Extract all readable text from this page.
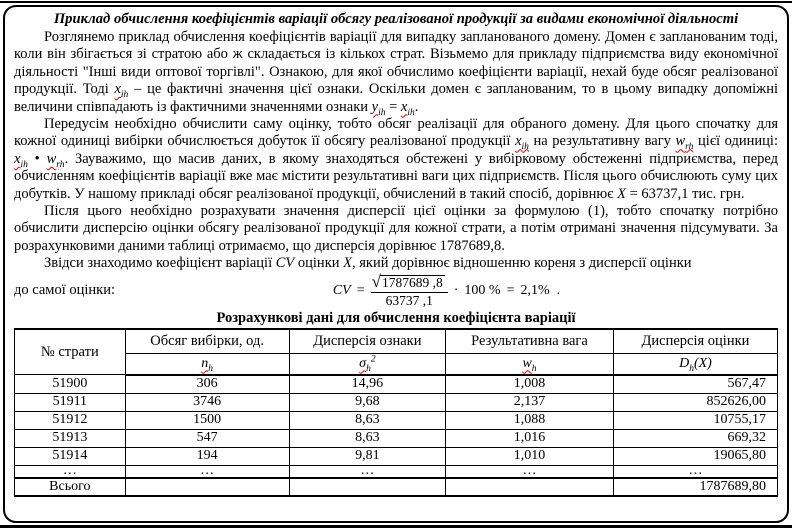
Приклад обчислення коефіцієнтів варіації обсягу реалізованої продукції за видами економічної діяльності

Розглянемо приклад обчислення коефіцієнтів варіації для випадку запланованого домену. Домен є запланованим тоді, коли він збігається зі стратою або ж складається із кількох страт. Візьмемо для прикладу підприємства виду економічної діяльності "Інші види оптової торгівлі". Ознакою, для якої обчислимо коефіцієнти варіації, нехай буде обсяг реалізованої продукції. Тоді $x_{ih}$ – це фактичні значення цієї ознаки. Оскільки домен є запланованим, то в цьому випадку допоміжні величини співпадають із фактичними значеннями ознаки $y_{ih} = x_{ih}$.

Передусім необхідно обчислити саму оцінку, тобто обсяг реалізації для обраного домену. Для цього спочатку для кожної одиниці вибірки обчислюється добуток її обсягу реалізованої продукції $x_{ih}$ на результативну вагу $w_{rh}$ цієї одиниці: $x_{ih}$ • $w_{rh}$. Зауважимо, що масив даних, в якому знаходяться обстежені у вибірковому обстеженні підприємства, перед обчисленням коефіцієнтів варіації вже має містити результативні ваги цих підприємств. Після цього обчислюють суму цих добутків. У нашому прикладі обсяг реалізованої продукції, обчислений в такий спосіб, дорівнює X = 63737,1 тис. грн.

Після цього необхідно розрахувати значення дисперсії цієї оцінки за формулою (1), тобто спочатку потрібно обчислити дисперсію оцінки обсягу реалізованої продукції для кожної страти, а потім отримані значення підсумувати. За розрахунковими даними таблиці отримаємо, що дисперсія дорівнює 1787689,8.

Звідси знаходимо коефіцієнт варіації CV оцінки X, який дорівнює відношенню кореня з дисперсії оцінки

до самої оцінки:	CV = $\frac{√ 1787689 ,8}{63737 ,1} \cdot 100$ % = 2,1% .
Розрахункові дані для обчислення коефіцієнта варіації
№ страти	Обсяг вибірки, од.	Дисперсія ознаки	Результативна вага	Дисперсія оцінки
	$n_h$	$\sigma_h^2$	$w_h$	$D_h(X)$
51900	306	14,96	1,008	567,47
51911	3746	9,68	2,137	852626,00
51912	1500	8,63	1,088	10755,17
51913	547	8,63	1,016	669,32
51914	194	9,81	1,010	19065,80
…	…	…	…	…
Всього				1787689,80
